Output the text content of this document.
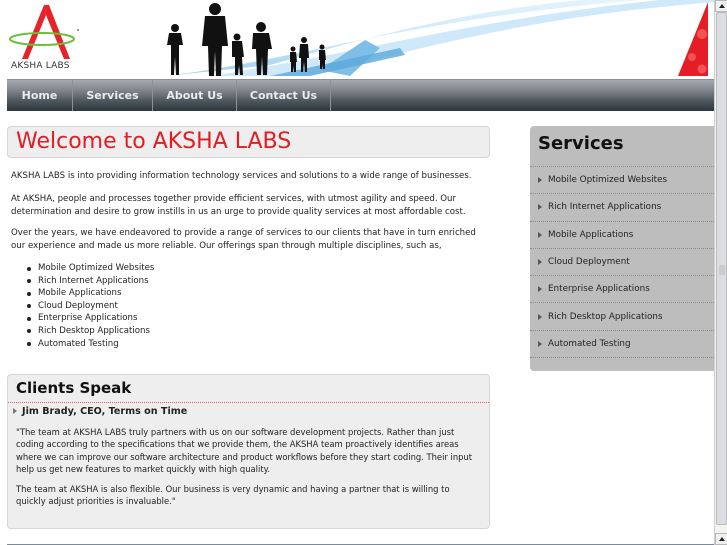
AKSHA LABS
Home	Services	About Us	Contact Us
Welcome to AKSHA LABS

AKSHA LABS is into providing information technology services and solutions to a wide range of businesses.

At AKSHA, people and processes together provide efficient services, with utmost agility and speed. Our determination and desire to grow instills in us an urge to provide quality services at most affordable cost.

Over the years, we have endeavored to provide a range of services to our clients that have in turn enriched our experience and made us more reliable. Our offerings span through multiple disciplines, such as,

Mobile Optimized Websites
Rich Internet Applications
Mobile Applications
Cloud Deployment
Enterprise Applications
Rich Desktop Applications
Automated Testing
Clients Speak
Jim Brady, CEO, Terms on Time

"The team at AKSHA LABS truly partners with us on our software development projects. Rather than just coding according to the specifications that we provide them, the AKSHA team proactively identifies areas where we can improve our software architecture and product workflows before they start coding. Their input help us get new features to market quickly with high quality.

The team at AKSHA is also flexible. Our business is very dynamic and having a partner that is willing to quickly adjust priorities is invaluable."

Services
Mobile Optimized Websites
Rich Internet Applications
Mobile Applications
Cloud Deployment
Enterprise Applications
Rich Desktop Applications
Automated Testing
